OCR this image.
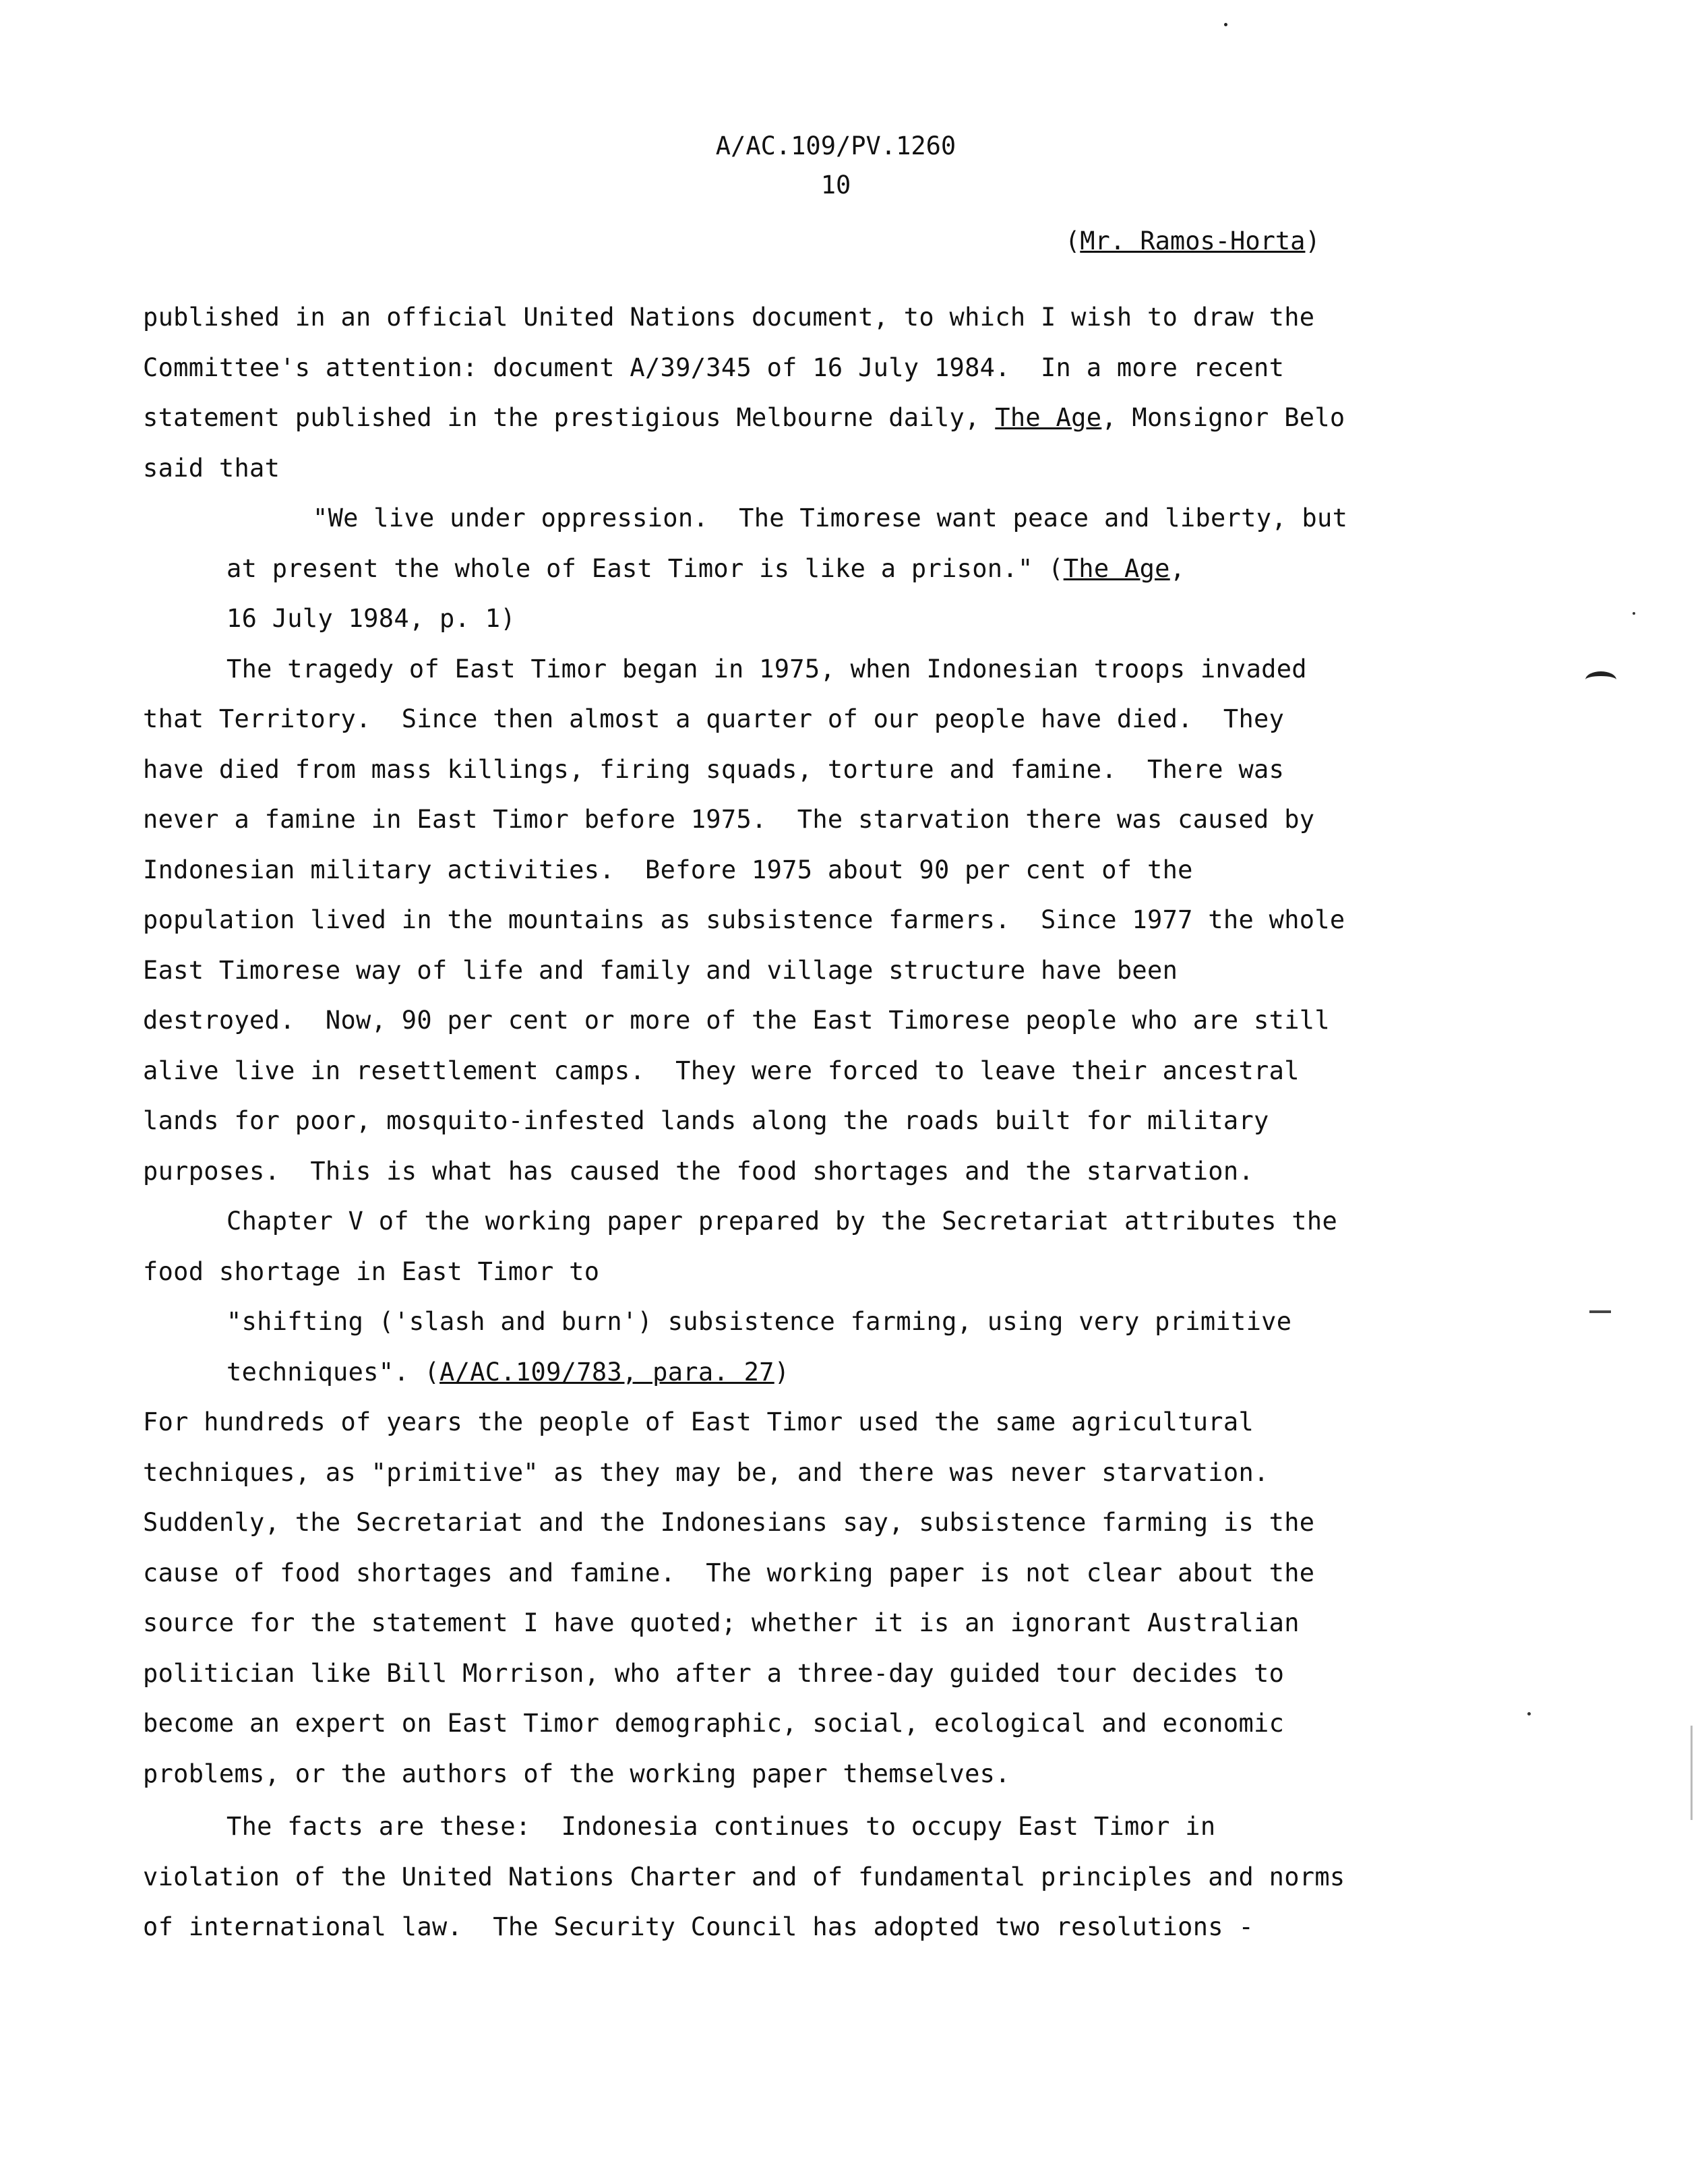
A/AC.109/PV.1260
10
(Mr. Ramos-Horta)
published in an official United Nations document, to which I wish to draw the
Committee's attention: document A/39/345 of 16 July 1984.  In a more recent
statement published in the prestigious Melbourne daily, The Age, Monsignor Belo
said that
"We live under oppression.  The Timorese want peace and liberty, but
at present the whole of East Timor is like a prison." (The Age,
16 July 1984, p. 1)
The tragedy of East Timor began in 1975, when Indonesian troops invaded
that Territory.  Since then almost a quarter of our people have died.  They
have died from mass killings, firing squads, torture and famine.  There was
never a famine in East Timor before 1975.  The starvation there was caused by
Indonesian military activities.  Before 1975 about 90 per cent of the
population lived in the mountains as subsistence farmers.  Since 1977 the whole
East Timorese way of life and family and village structure have been
destroyed.  Now, 90 per cent or more of the East Timorese people who are still
alive live in resettlement camps.  They were forced to leave their ancestral
lands for poor, mosquito-infested lands along the roads built for military
purposes.  This is what has caused the food shortages and the starvation.
Chapter V of the working paper prepared by the Secretariat attributes the
food shortage in East Timor to
"shifting ('slash and burn') subsistence farming, using very primitive
techniques". (A/AC.109/783, para. 27)
For hundreds of years the people of East Timor used the same agricultural
techniques, as "primitive" as they may be, and there was never starvation.
Suddenly, the Secretariat and the Indonesians say, subsistence farming is the
cause of food shortages and famine.  The working paper is not clear about the
source for the statement I have quoted; whether it is an ignorant Australian
politician like Bill Morrison, who after a three-day guided tour decides to
become an expert on East Timor demographic, social, ecological and economic
problems, or the authors of the working paper themselves.
The facts are these:  Indonesia continues to occupy East Timor in
violation of the United Nations Charter and of fundamental principles and norms
of international law.  The Security Council has adopted two resolutions -
